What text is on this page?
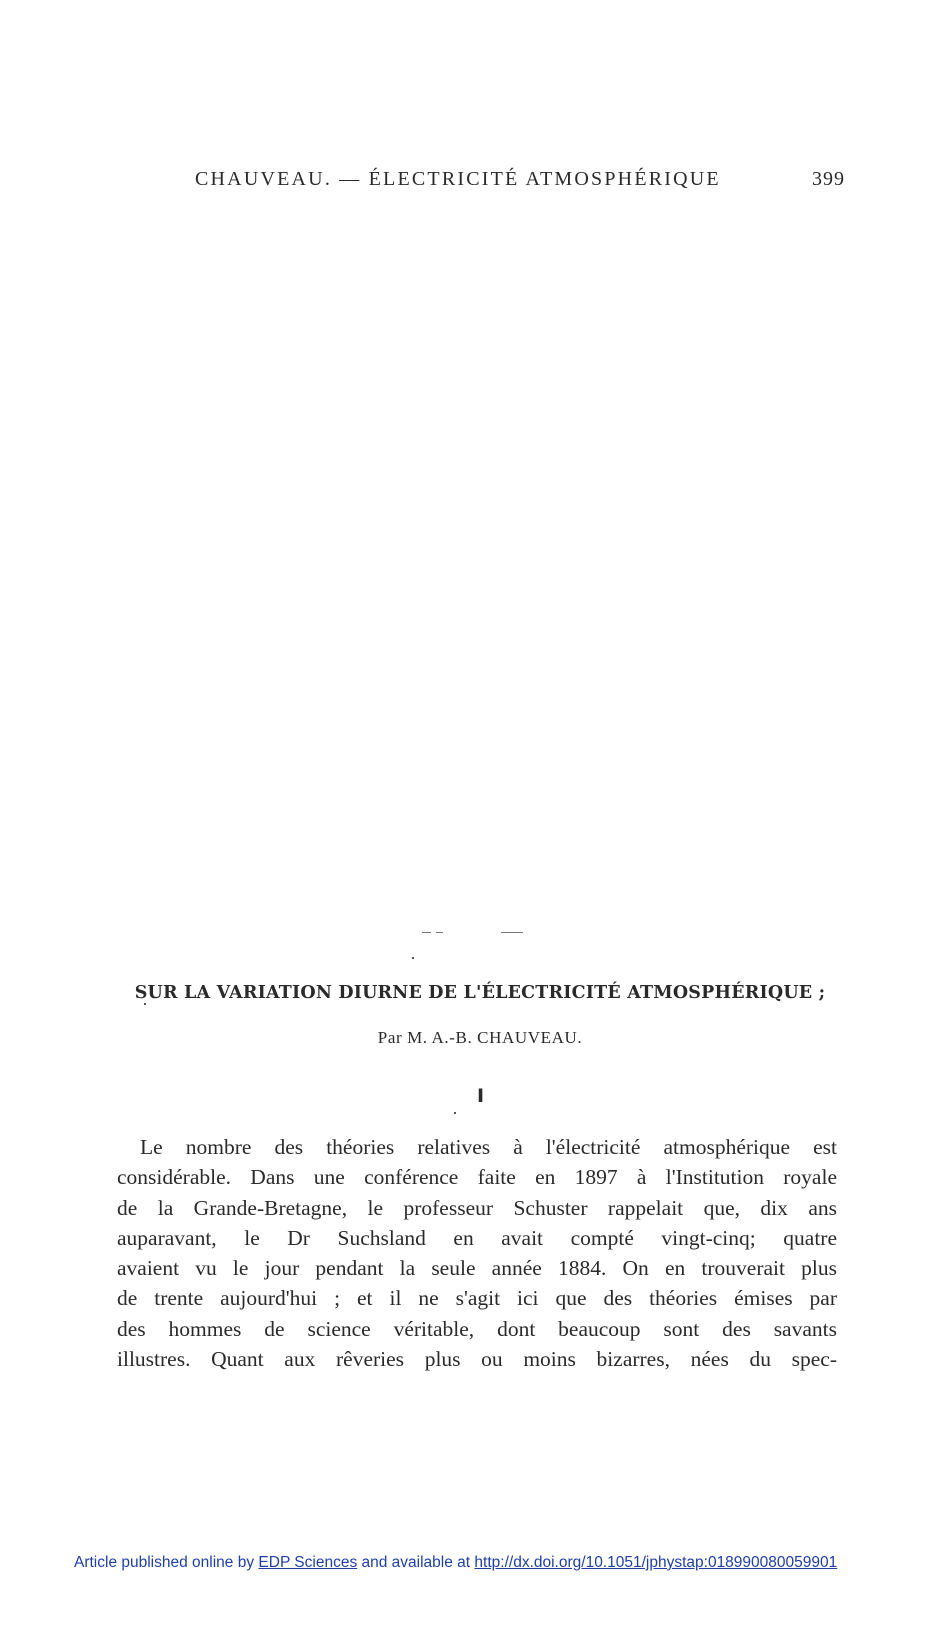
CHAUVEAU. — ÉLECTRICITÉ ATMOSPHÉRIQUE	399
SUR LA VARIATION DIURNE DE L'ÉLECTRICITÉ ATMOSPHÉRIQUE ;
Par M. A.-B. CHAUVEAU.
I
Le nombre des théories relatives à l'électricité atmosphérique est
considérable. Dans une conférence faite en 1897 à l'Institution royale
de la Grande-Bretagne, le professeur Schuster rappelait que, dix ans
auparavant, le Dr Suchsland en avait compté vingt-cinq; quatre
avaient vu le jour pendant la seule année 1884. On en trouverait plus
de trente aujourd'hui ; et il ne s'agit ici que des théories émises par
des hommes de science véritable, dont beaucoup sont des savants
illustres. Quant aux rêveries plus ou moins bizarres, nées du spec-
Article published online by EDP Sciences and available at http://dx.doi.org/10.1051/jphystap:018990080059901
